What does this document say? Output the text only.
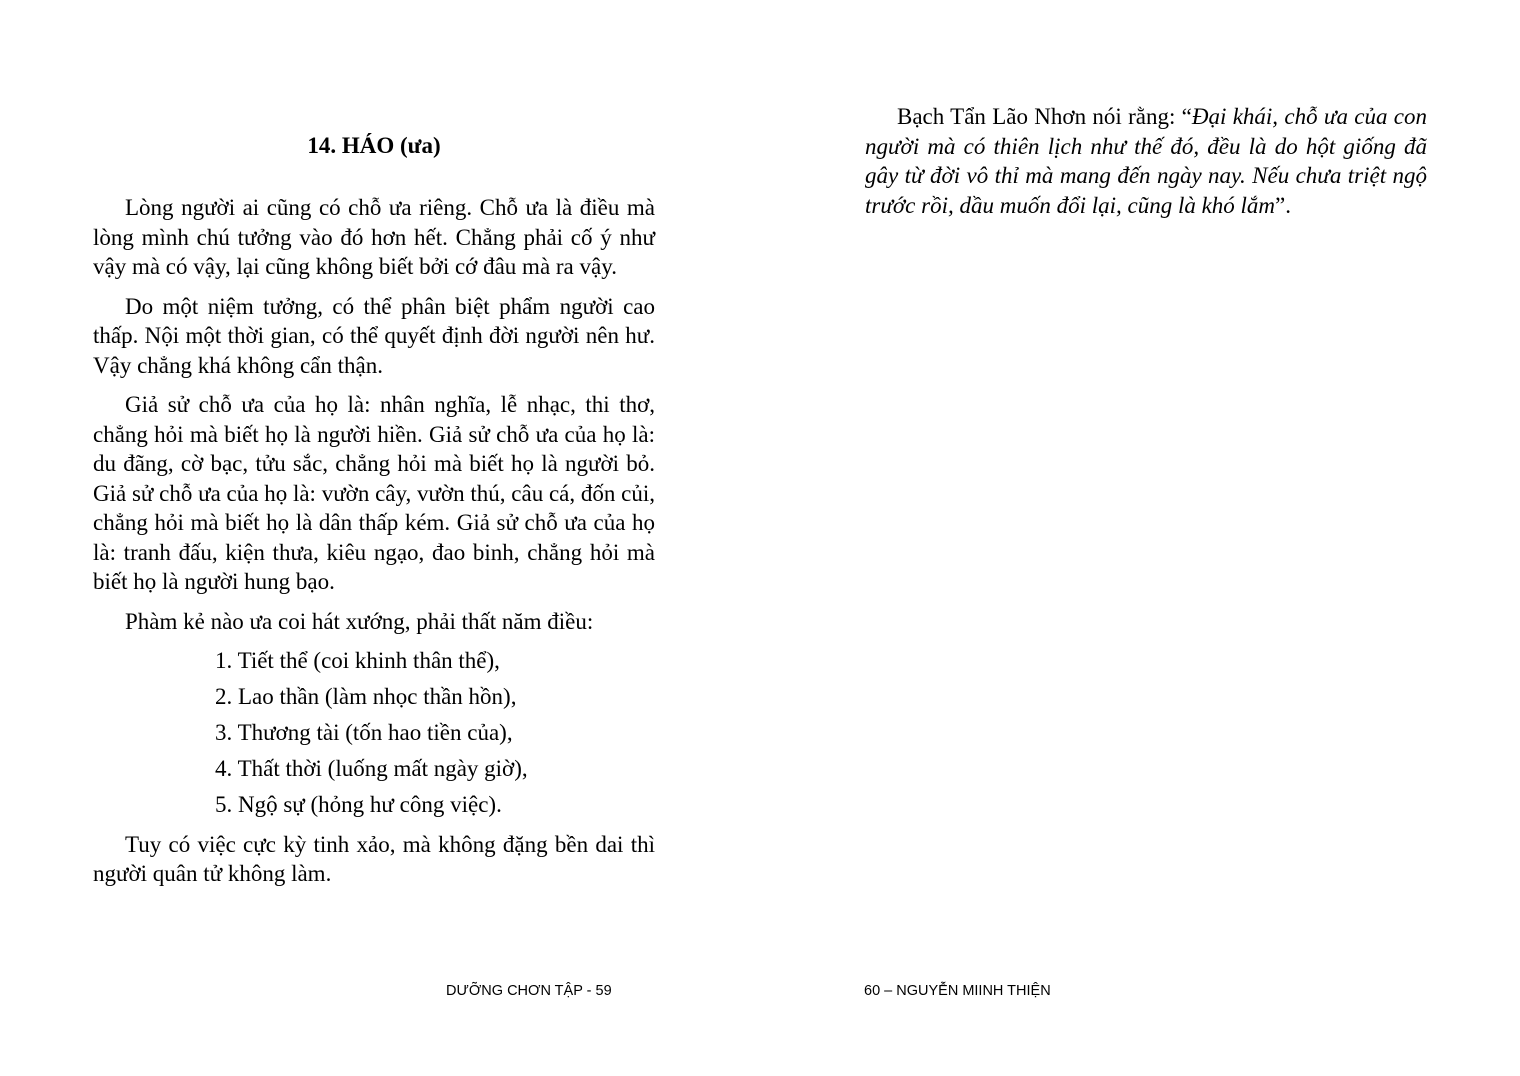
14. HÁO (ưa)

Lòng người ai cũng có chỗ ưa riêng. Chỗ ưa là điều mà lòng mình chú tưởng vào đó hơn hết. Chẳng phải cố ý như vậy mà có vậy, lại cũng không biết bởi cớ đâu mà ra vậy.

Do một niệm tưởng, có thể phân biệt phẩm người cao thấp. Nội một thời gian, có thể quyết định đời người nên hư. Vậy chẳng khá không cẩn thận.

Giả sử chỗ ưa của họ là: nhân nghĩa, lễ nhạc, thi thơ, chẳng hỏi mà biết họ là người hiền. Giả sử chỗ ưa của họ là: du đãng, cờ bạc, tửu sắc, chẳng hỏi mà biết họ là người bỏ. Giả sử chỗ ưa của họ là: vườn cây, vườn thú, câu cá, đốn củi, chẳng hỏi mà biết họ là dân thấp kém. Giả sử chỗ ưa của họ là: tranh đấu, kiện thưa, kiêu ngạo, đao binh, chẳng hỏi mà biết họ là người hung bạo.

Phàm kẻ nào ưa coi hát xướng, phải thất năm điều:

1. Tiết thể (coi khinh thân thể),
2. Lao thần (làm nhọc thần hồn),
3. Thương tài (tốn hao tiền của),
4. Thất thời (luống mất ngày giờ),
5. Ngộ sự (hỏng hư công việc).

Tuy có việc cực kỳ tinh xảo, mà không đặng bền dai thì người quân tử không làm.

DƯỠNG CHƠN TẬP - 59

Bạch Tẩn Lão Nhơn nói rằng: “Đại khái, chỗ ưa của con người mà có thiên lịch như thế đó, đều là do hột giống đã gây từ đời vô thỉ mà mang đến ngày nay. Nếu chưa triệt ngộ trước rồi, dầu muốn đổi lại, cũng là khó lắm”.

60 – NGUYỄN MIINH THIỆN
